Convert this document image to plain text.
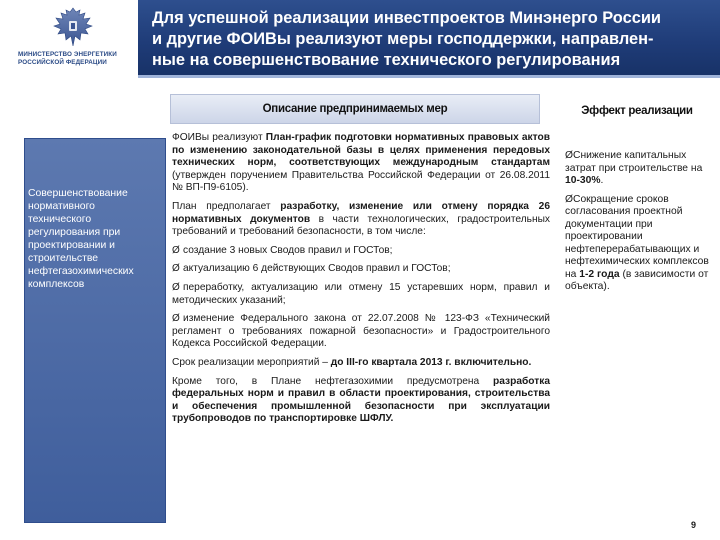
МИНИСТЕРСТВО ЭНЕРГЕТИКИ
РОССИЙСКОЙ ФЕДЕРАЦИИ
Для успешной реализации инвестпроектов Минэнерго России
и другие ФОИВы реализуют меры господдержки, направлен-
ные на совершенствование технического регулирования
Описание предпринимаемых мер	Эффект реализации
Совершенствование
нормативного
технического
регулирования при
проектировании и
строительстве
нефтегазохимических
комплексов

ФОИВы реализуют План-график подготовки нормативных правовых актов по изменению законодательной базы в целях применения передовых технических норм, соответствующих международным стандартам (утвержден поручением Правительства Российской Федерации от 26.08.2011 № ВП-П9-6105).

План предполагает разработку, изменение или отмену порядка 26 нормативных документов в части технологических, градостроительных требований и требований безопасности, в том числе:

Ø создание 3 новых Сводов правил и ГОСТов;

Ø актуализацию 6 действующих Сводов правил и ГОСТов;

Ø переработку, актуализацию или отмену 15 устаревших норм, правил и методических указаний;

Ø изменение Федерального закона от 22.07.2008 № 123-ФЗ «Технический регламент о требованиях пожарной безопасности» и Градостроительного Кодекса Российской Федерации.

Срок реализации мероприятий – до III-го квартала 2013 г. включительно.

Кроме того, в Плане нефтегазохимии предусмотрена разработка федеральных норм и правил в области проектирования, строительства и обеспечения промышленной безопасности при эксплуатации трубопроводов по транспортировке ШФЛУ.

ØСнижение капитальных затрат при строительстве на 10-30%.

ØСокращение сроков согласования проектной документации при проектировании нефтеперерабатывающих и нефтехимических комплексов на 1-2 года (в зависимости от объекта).

9
